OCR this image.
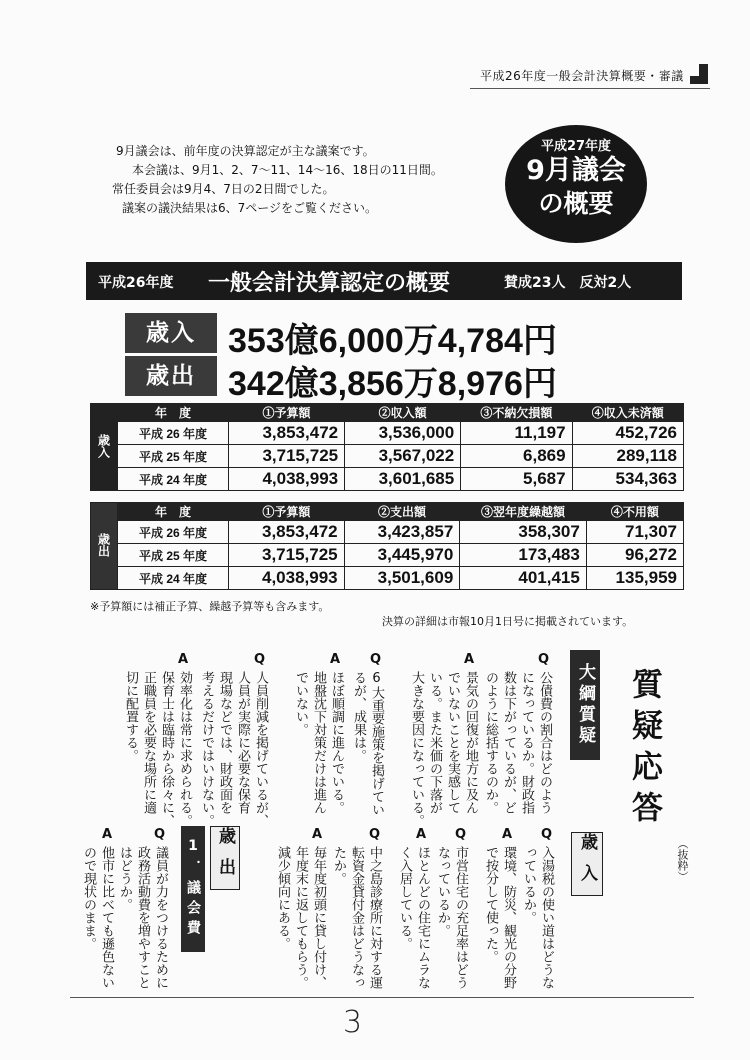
平成26年度一般会計決算概要・審議
9月議会は、前年度の決算認定が主な議案です。
本会議は、9月1、2、7～11、14～16、18日の11日間。
常任委員会は9月4、7日の2日間でした。
議案の議決結果は6、7ページをご覧ください。
平成27年度
9月議会
の概要
平成26年度 一般会計決算認定の概要	賛成23人　反対2人
歳入 353億6,000万4,784円
歳出 342億3,856万8,976円
歳入	年　度	①予算額	②収入額	③不納欠損額	④収入未済額
	平成 26 年度	3,853,472	3,536,000	11,197	452,726
	平成 25 年度	3,715,725	3,567,022	6,869	289,118
	平成 24 年度	4,038,993	3,601,685	5,687	534,363
歳出	年　度	①予算額	②支出額	③翌年度繰越額	④不用額
	平成 26 年度	3,853,472	3,423,857	358,307	71,307
	平成 25 年度	3,715,725	3,445,970	173,483	96,272
	平成 24 年度	4,038,993	3,501,609	401,415	135,959
※予算額には補正予算、繰越予算等も含みます。
決算の詳細は市報10月1日号に掲載されています。
質疑応答
（抜粋）
大綱質疑
歳入
歳出
1．議会費
Q
A
Q
A
Q
A
公債費の割合はどのよう
になっているか。財政指
数は下がっているが、ど
のように総括するのか。
景気の回復が地方に及ん
でいないことを実感して
いる。また米価の下落が
大きな要因になっている。
6大重要施策を掲げてい
るが、成果は。
ほぼ順調に進んでいる。
地盤沈下対策だけは進ん
でいない。
人員削減を掲げているが、
人員が実際に必要な保育
現場などでは、財政面を
考えるだけではいけない。
効率化は常に求められる。
保育士は臨時から徐々に、
正職員を必要な場所に適
切に配置する。
Q
A
Q
A
Q
A
Q
A
入湯税の使い道はどうな
っているか。
環境、防災、観光の分野
で按分して使った。
市営住宅の充足率はどう
なっているか。
ほとんどの住宅にムラな
く入居している。
中之島診療所に対する運
転資金貸付金はどうなっ
たか。
毎年度初頭に貸し付け、
年度末に返してもらう。
減少傾向にある。
議員が力をつけるために
政務活動費を増やすこと
はどうか。
他市に比べても遜色ない
ので現状のまま。
3
